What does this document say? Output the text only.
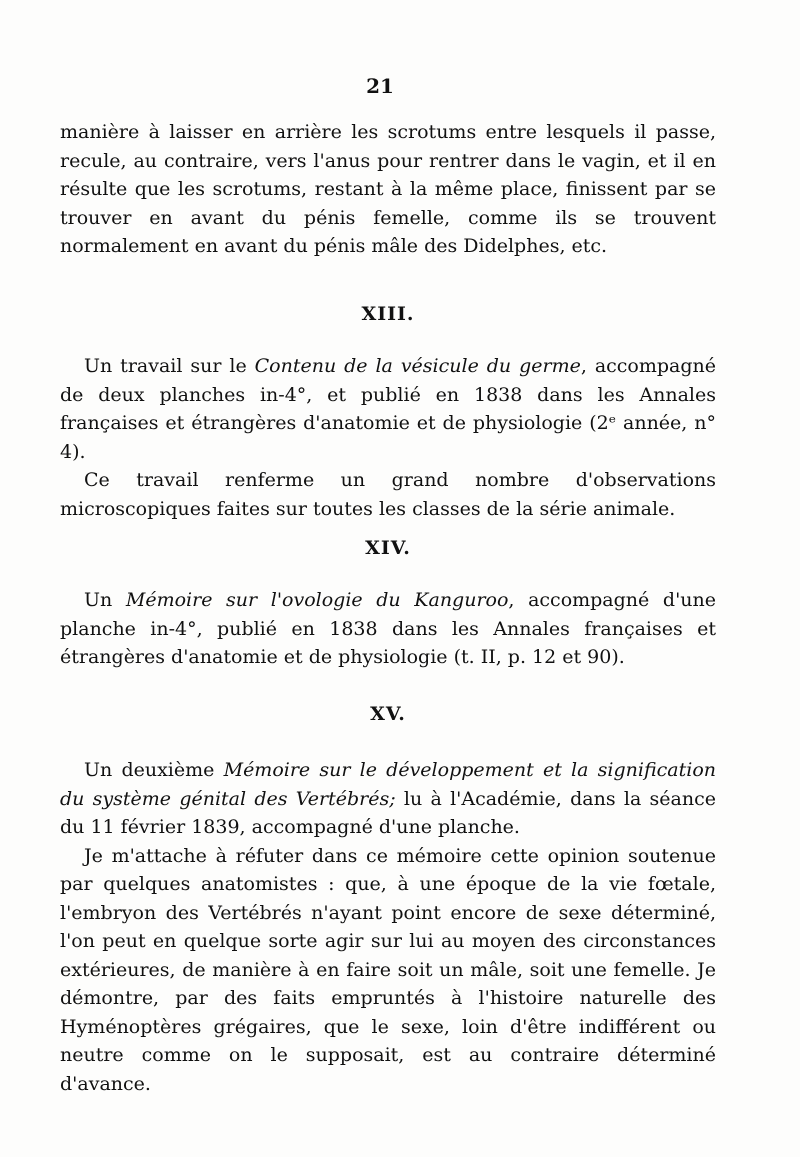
21

manière à laisser en arrière les scrotums entre lesquels il passe, recule, au contraire, vers l'anus pour rentrer dans le vagin, et il en résulte que les scrotums, restant à la même place, finissent par se trouver en avant du pénis femelle, comme ils se trouvent normalement en avant du pénis mâle des Didelphes, etc.

XIII.

Un travail sur le Contenu de la vésicule du germe, accompagné de deux planches in-4°, et publié en 1838 dans les Annales françaises et étrangères d'anatomie et de physiologie (2ᵉ année, n° 4).

Ce travail renferme un grand nombre d'observations microscopiques faites sur toutes les classes de la série animale.

XIV.

Un Mémoire sur l'ovologie du Kanguroo, accompagné d'une planche in-4°, publié en 1838 dans les Annales françaises et étrangères d'anatomie et de physiologie (t. II, p. 12 et 90).

XV.

Un deuxième Mémoire sur le développement et la signification du système génital des Vertébrés; lu à l'Académie, dans la séance du 11 février 1839, accompagné d'une planche.

Je m'attache à réfuter dans ce mémoire cette opinion soutenue par quelques anatomistes : que, à une époque de la vie fœtale, l'embryon des Vertébrés n'ayant point encore de sexe déterminé, l'on peut en quelque sorte agir sur lui au moyen des circonstances extérieures, de manière à en faire soit un mâle, soit une femelle. Je démontre, par des faits empruntés à l'histoire naturelle des Hyménoptères grégaires, que le sexe, loin d'être indifférent ou neutre comme on le supposait, est au contraire déterminé d'avance.
